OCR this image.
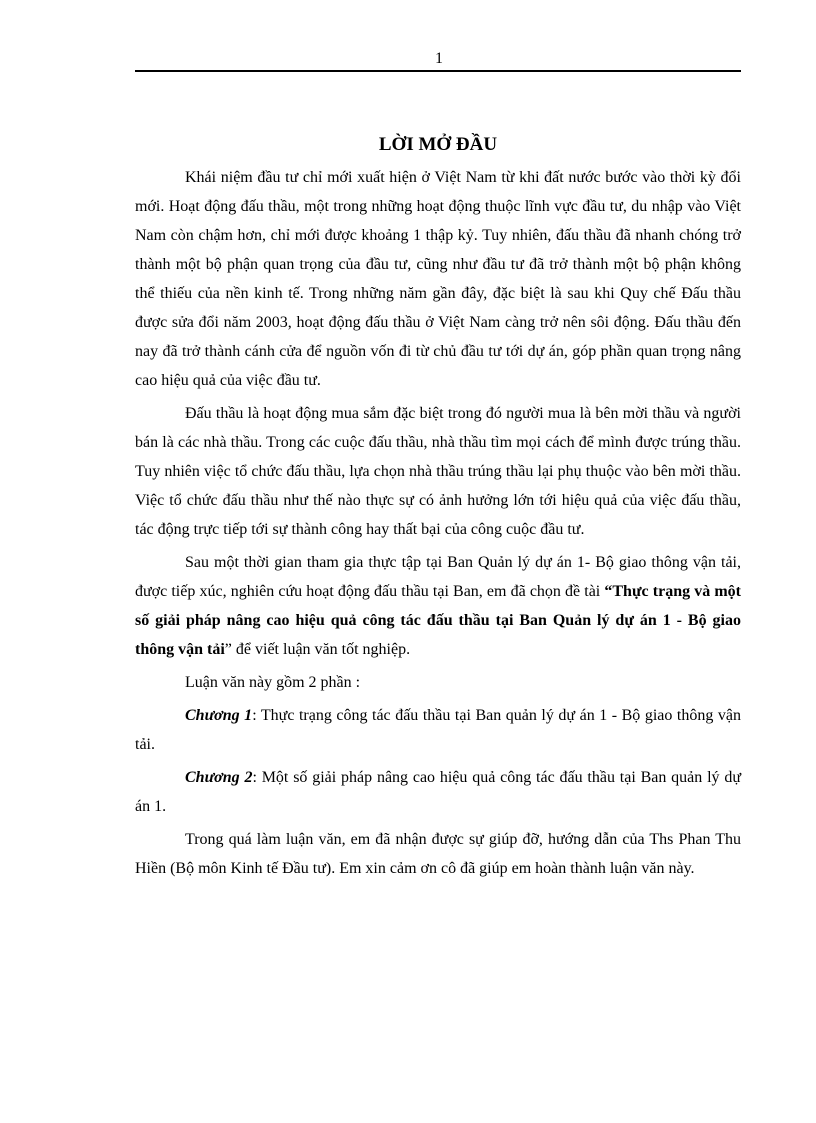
1
LỜI MỞ ĐẦU

Khái niệm đầu tư chỉ mới xuất hiện ở Việt Nam từ khi đất nước bước vào thời kỳ đổi mới. Hoạt động đấu thầu, một trong những hoạt động thuộc lĩnh vực đầu tư, du nhập vào Việt Nam còn chậm hơn, chỉ mới được khoảng 1 thập kỷ. Tuy nhiên, đấu thầu đã nhanh chóng trở thành một bộ phận quan trọng của đầu tư, cũng như đầu tư đã trở thành một bộ phận không thể thiếu của nền kinh tế. Trong những năm gần đây, đặc biệt là sau khi Quy chế Đấu thầu được sửa đổi năm 2003, hoạt động đấu thầu ở Việt Nam càng trở nên sôi động. Đấu thầu đến nay đã trở thành cánh cửa để nguồn vốn đi từ chủ đầu tư tới dự án, góp phần quan trọng nâng cao hiệu quả của việc đầu tư.

Đấu thầu là hoạt động mua sắm đặc biệt trong đó người mua là bên mời thầu và người bán là các nhà thầu. Trong các cuộc đấu thầu, nhà thầu tìm mọi cách để mình được trúng thầu. Tuy nhiên việc tổ chức đấu thầu, lựa chọn nhà thầu trúng thầu lại phụ thuộc vào bên mời thầu. Việc tổ chức đấu thầu như thế nào thực sự có ảnh hưởng lớn tới hiệu quả của việc đấu thầu, tác động trực tiếp tới sự thành công hay thất bại của công cuộc đầu tư.

Sau một thời gian tham gia thực tập tại Ban Quản lý dự án 1- Bộ giao thông vận tải, được tiếp xúc, nghiên cứu hoạt động đấu thầu tại Ban, em đã chọn đề tài “Thực trạng và một số giải pháp nâng cao hiệu quả công tác đấu thầu tại Ban Quản lý dự án 1 - Bộ giao thông vận tải” để viết luận văn tốt nghiệp.

Luận văn này gồm 2 phần :

Chương 1: Thực trạng công tác đấu thầu tại Ban quản lý dự án 1 - Bộ giao thông vận tải.

Chương 2: Một số giải pháp nâng cao hiệu quả công tác đấu thầu tại Ban quản lý dự án 1.

Trong quá làm luận văn, em đã nhận được sự giúp đỡ, hướng dẫn của Ths Phan Thu Hiền (Bộ môn Kinh tế Đầu tư). Em xin cảm ơn cô đã giúp em hoàn thành luận văn này.
